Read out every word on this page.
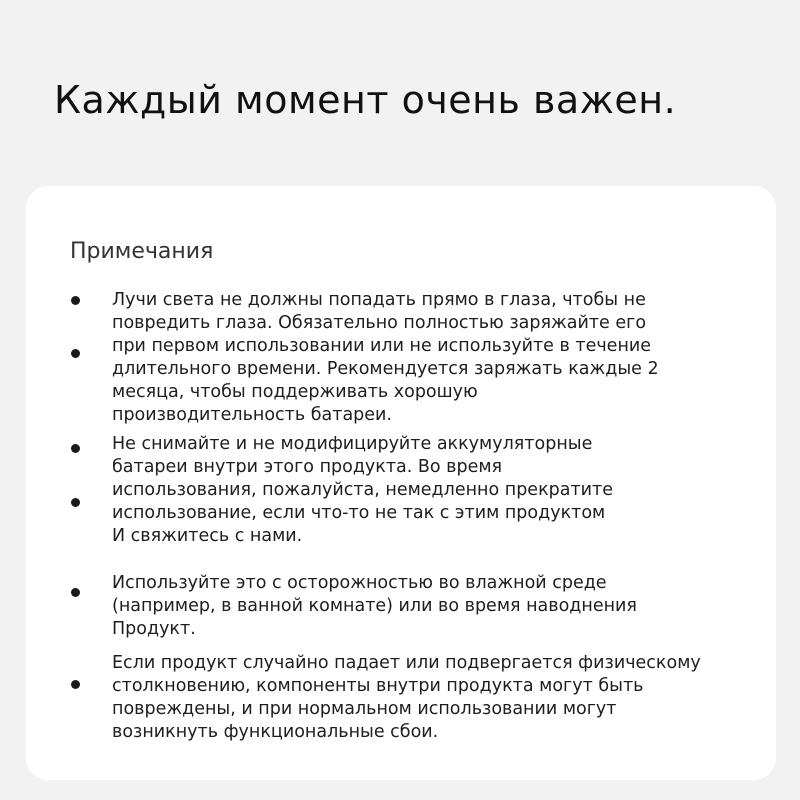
Каждый момент очень важен.
Примечания
Лучи света не должны попадать прямо в глаза, чтобы не
повредить глаза. Обязательно полностью заряжайте его
при первом использовании или не используйте в течение
длительного времени. Рекомендуется заряжать каждые 2
месяца, чтобы поддерживать хорошую
производительность батареи.
Не снимайте и не модифицируйте аккумуляторные
батареи внутри этого продукта. Во время
использования, пожалуйста, немедленно прекратите
использование, если что-то не так с этим продуктом
И свяжитесь с нами.
Используйте это с осторожностью во влажной среде
(например, в ванной комнате) или во время наводнения
Продукт.
Если продукт случайно падает или подвергается физическому
столкновению, компоненты внутри продукта могут быть
повреждены, и при нормальном использовании могут
возникнуть функциональные сбои.
